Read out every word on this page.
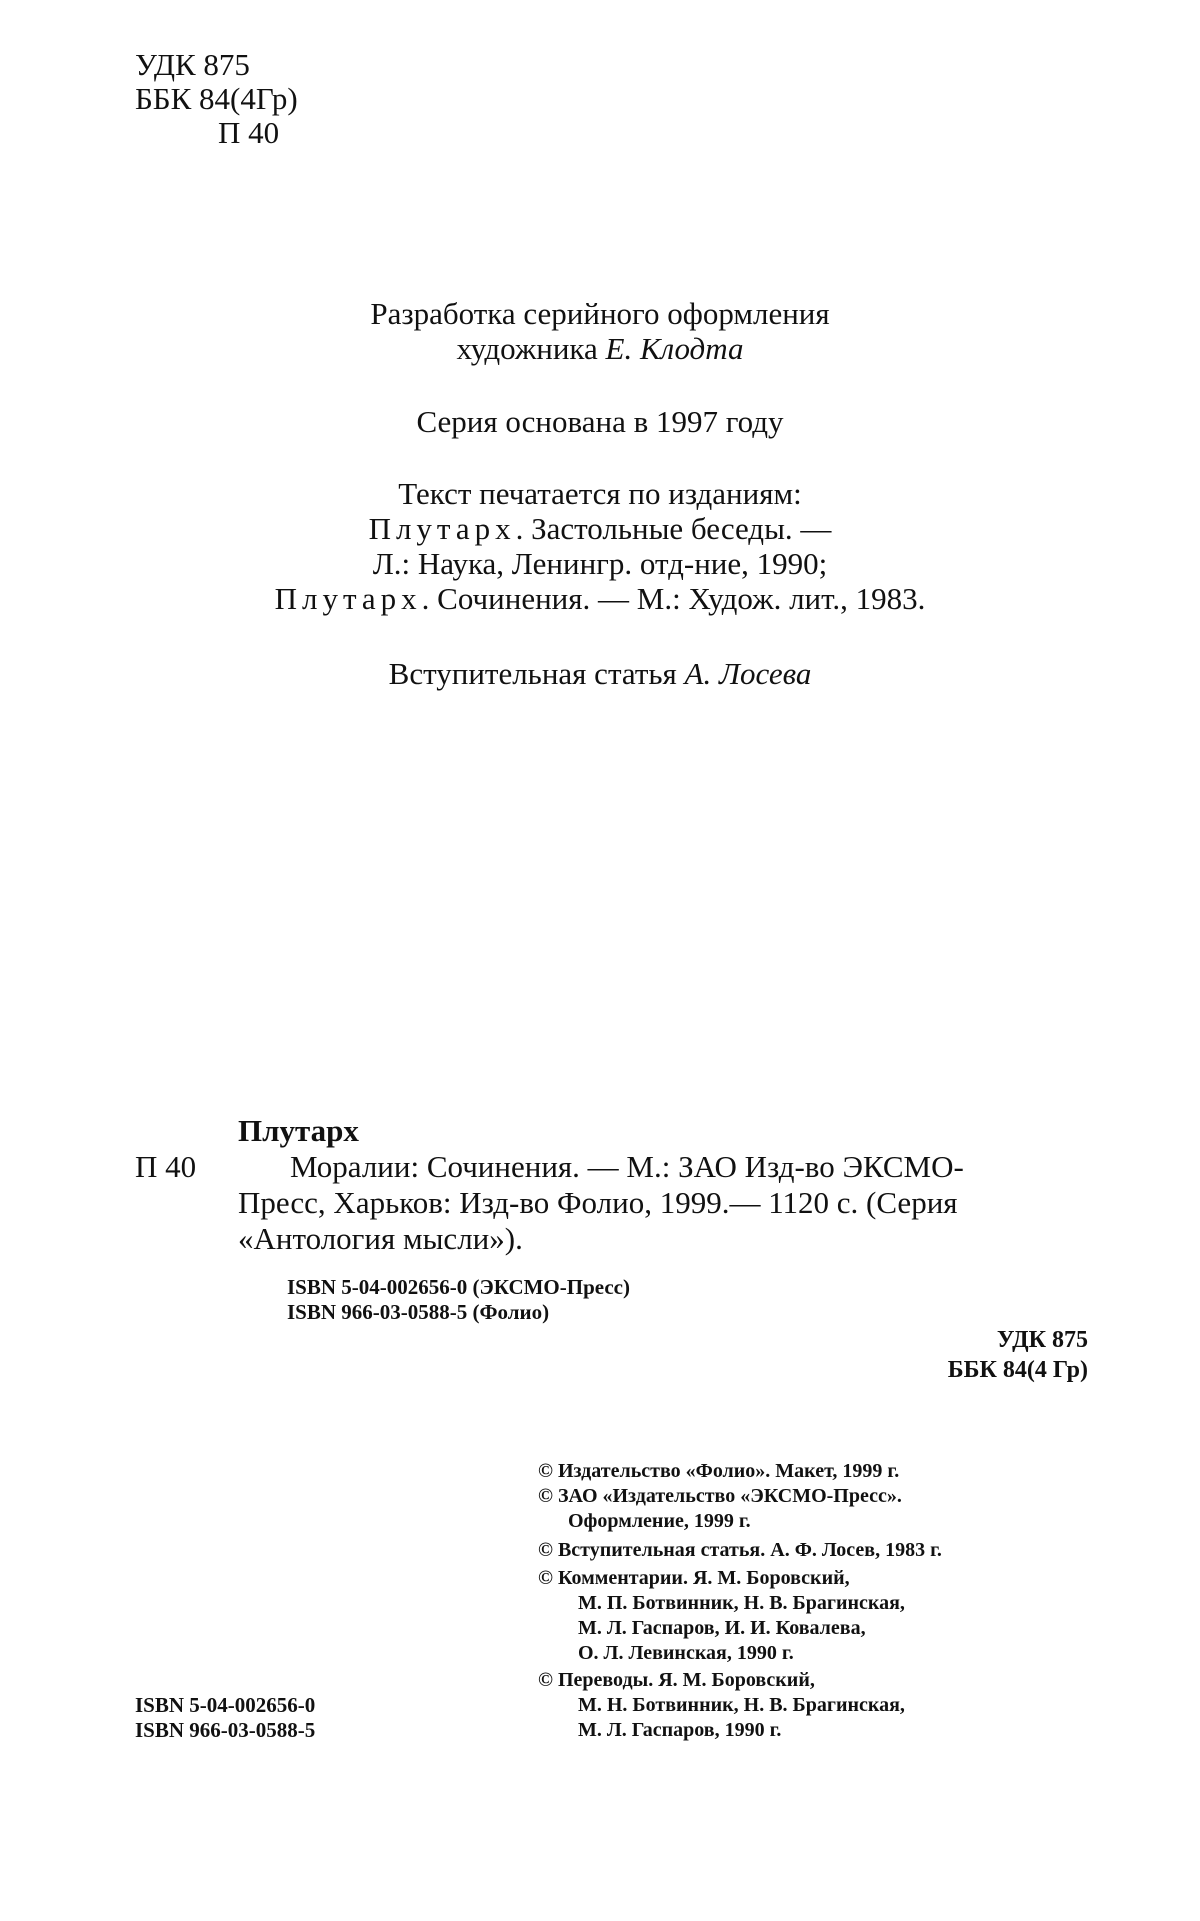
УДК 875
ББК 84(4Гр)
П 40
Разработка серийного оформления
художника Е. Клодта
Серия основана в 1997 году
Текст печатается по изданиям:
Плутарх. Застольные беседы. —
Л.: Наука, Ленингр. отд-ние, 1990;
Плутарх. Сочинения. — М.: Худож. лит., 1983.
Вступительная статья А. Лосева
Плутарх
П 40	Моралии: Сочинения. — М.: ЗАО Изд-во ЭКСМО-
Пресс, Харьков: Изд-во Фолио, 1999.— 1120 с. (Серия
«Антология мысли»).
ISBN 5-04-002656-0 (ЭКСМО-Пресс)
ISBN 966-03-0588-5 (Фолио)
УДК 875
ББК 84(4 Гр)
© Издательство «Фолио». Макет, 1999 г.
© ЗАО «Издательство «ЭКСМО-Пресс».
Оформление, 1999 г.
© Вступительная статья. А. Ф. Лосев, 1983 г.
© Комментарии. Я. М. Боровский,
М. П. Ботвинник, Н. В. Брагинская,
М. Л. Гаспаров, И. И. Ковалева,
О. Л. Левинская, 1990 г.
© Переводы. Я. М. Боровский,
М. Н. Ботвинник, Н. В. Брагинская,
М. Л. Гаспаров, 1990 г.
ISBN 5-04-002656-0
ISBN 966-03-0588-5
